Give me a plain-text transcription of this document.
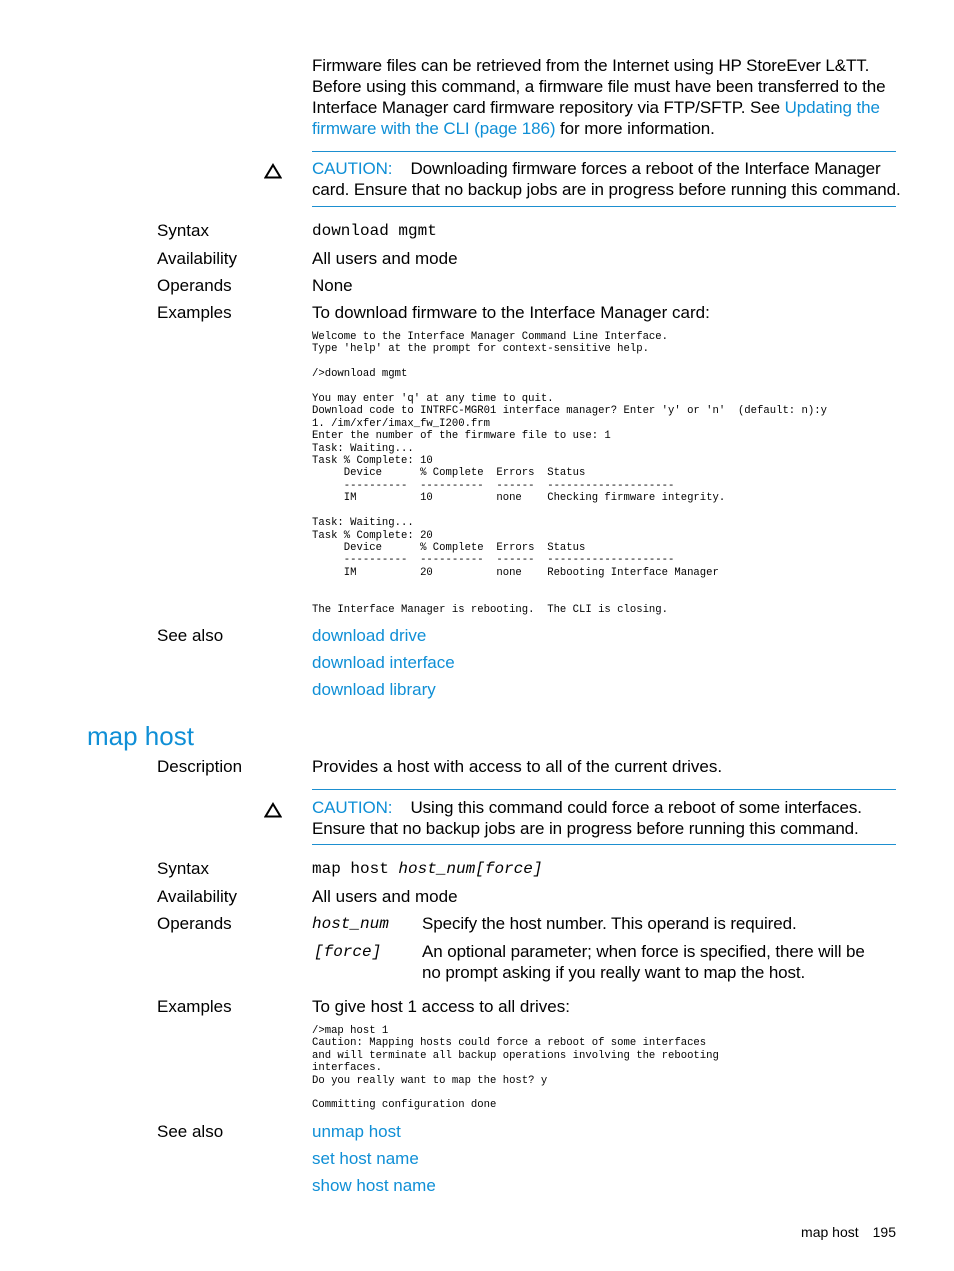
Firmware files can be retrieved from the Internet using HP StoreEver L&TT.
Before using this command, a firmware file must have been transferred to the
Interface Manager card firmware repository via FTP/SFTP. See Updating the
firmware with the CLI (page 186) for more information.
CAUTION: Downloading firmware forces a reboot of the Interface Manager
card. Ensure that no backup jobs are in progress before running this command.
Syntax	download mgmt
Availability	All users and mode
Operands	None
Examples	To download firmware to the Interface Manager card:
Welcome to the Interface Manager Command Line Interface.
Type 'help' at the prompt for context-sensitive help.

/>download mgmt

You may enter 'q' at any time to quit.
Download code to INTRFC-MGR01 interface manager? Enter 'y' or 'n'  (default: n):y
1. /im/xfer/imax_fw_I200.frm
Enter the number of the firmware file to use: 1
Task: Waiting...
Task % Complete: 10
Device      % Complete  Errors  Status
----------  ----------  ------  --------------------
IM          10          none    Checking firmware integrity.

Task: Waiting...
Task % Complete: 20
Device      % Complete  Errors  Status
----------  ----------  ------  --------------------
IM          20          none    Rebooting Interface Manager

The Interface Manager is rebooting.  The CLI is closing.
See also	download drive
download interface
download library
map host
Description	Provides a host with access to all of the current drives.
CAUTION: Using this command could force a reboot of some interfaces.
Ensure that no backup jobs are in progress before running this command.
Syntax	map host host_num[force]
Availability	All users and mode
Operands	host_num Specify the host number. This operand is required.
[force] An optional parameter; when force is specified, there will be
no prompt asking if you really want to map the host.
Examples	To give host 1 access to all drives:
/>map host 1
Caution: Mapping hosts could force a reboot of some interfaces
and will terminate all backup operations involving the rebooting
interfaces.
Do you really want to map the host? y

Committing configuration done
See also	unmap host
set host name
show host name
map host 195
